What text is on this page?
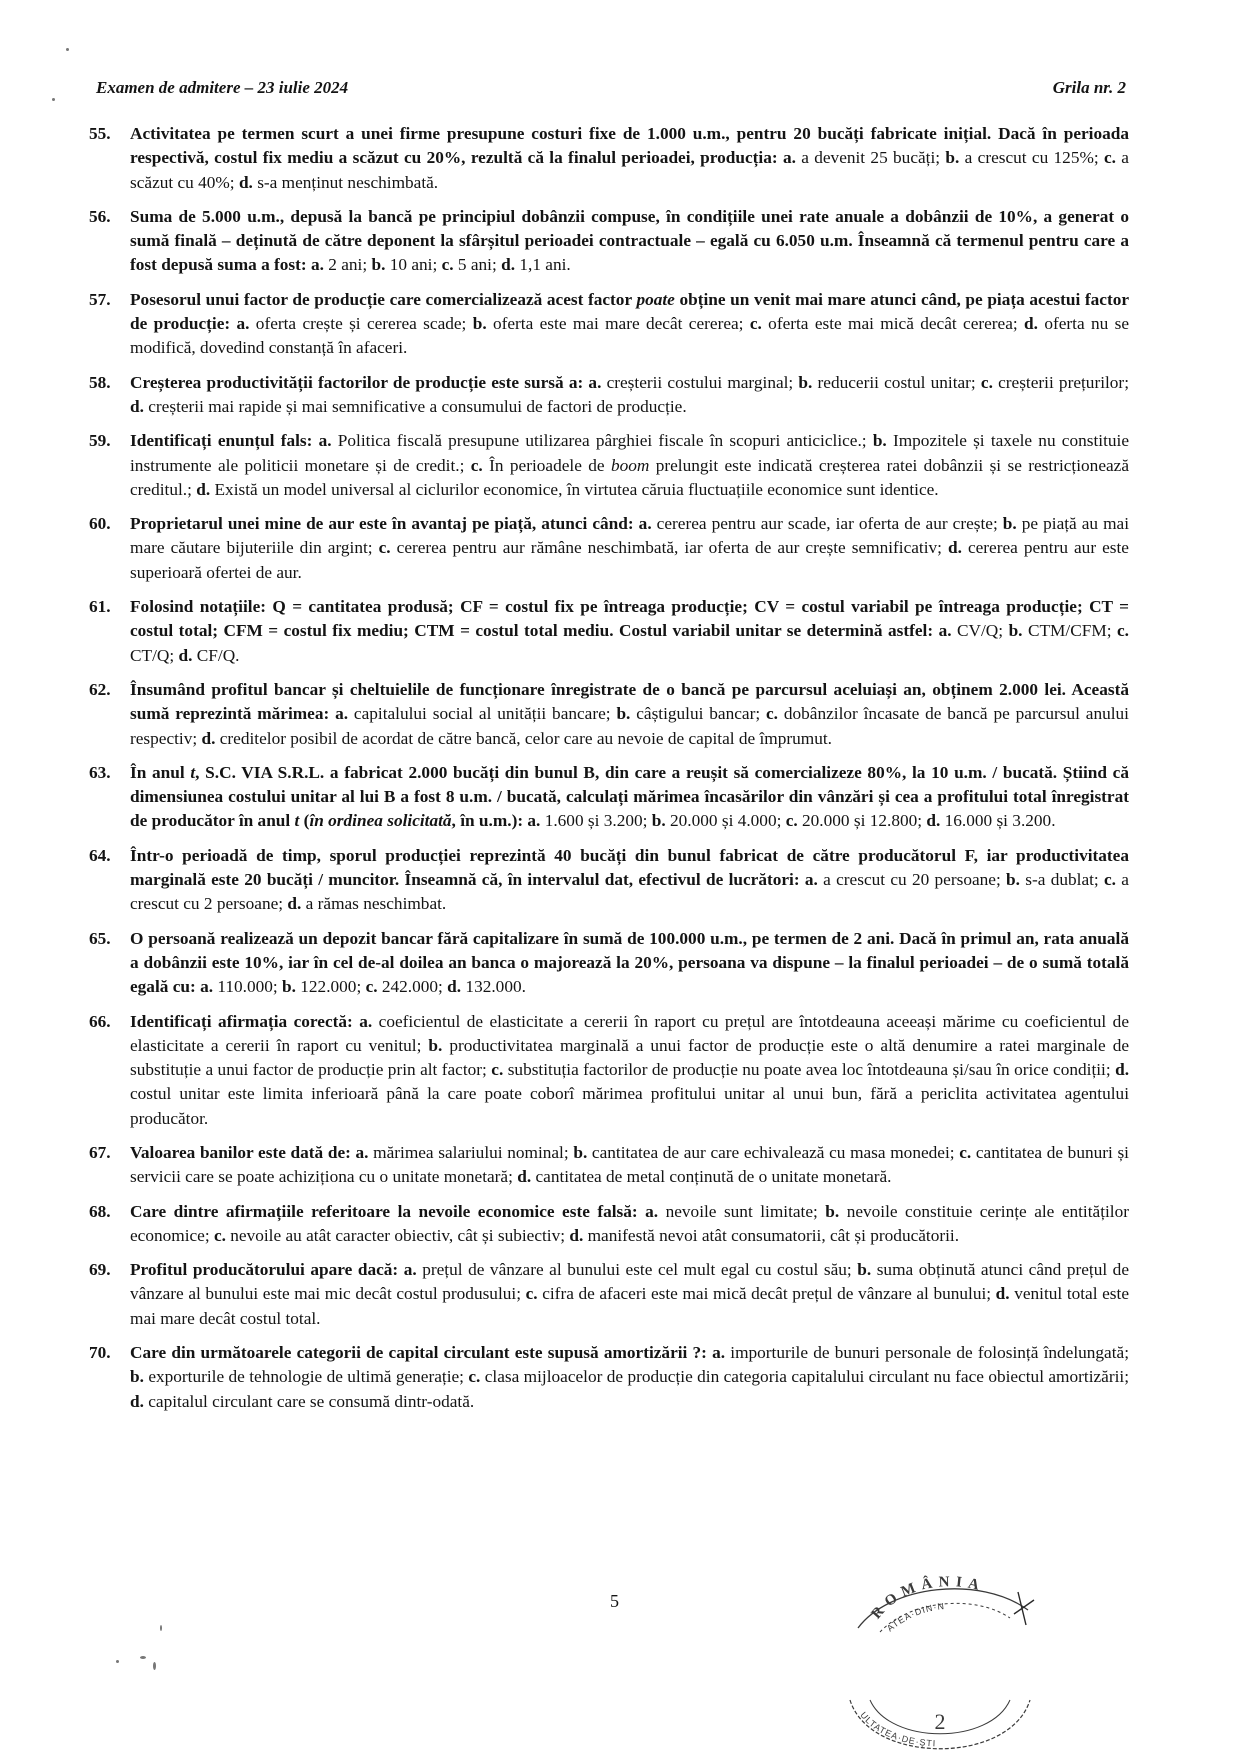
Examen de admitere – 23 iulie 2024	Grila nr. 2
55.	Activitatea pe termen scurt a unei firme presupune costuri fixe de 1.000 u.m., pentru 20 bucăți fabricate inițial. Dacă în perioada respectivă, costul fix mediu a scăzut cu 20%, rezultă că la finalul perioadei, producția: a. a devenit 25 bucăți; b. a crescut cu 125%; c. a scăzut cu 40%; d. s-a menținut neschimbată.
56.	Suma de 5.000 u.m., depusă la bancă pe principiul dobânzii compuse, în condițiile unei rate anuale a dobânzii de 10%, a generat o sumă finală – deținută de către deponent la sfârșitul perioadei contractuale – egală cu 6.050 u.m. Înseamnă că termenul pentru care a fost depusă suma a fost: a. 2 ani; b. 10 ani; c. 5 ani; d. 1,1 ani.
57.	Posesorul unui factor de producție care comercializează acest factor poate obține un venit mai mare atunci când, pe piața acestui factor de producție: a. oferta crește și cererea scade; b. oferta este mai mare decât cererea; c. oferta este mai mică decât cererea; d. oferta nu se modifică, dovedind constanță în afaceri.
58.	Creșterea productivității factorilor de producție este sursă a: a. creșterii costului marginal; b. reducerii costul unitar; c. creșterii prețurilor; d. creșterii mai rapide și mai semnificative a consumului de factori de producție.
59.	Identificați enunțul fals: a. Politica fiscală presupune utilizarea pârghiei fiscale în scopuri anticiclice.; b. Impozitele și taxele nu constituie instrumente ale politicii monetare și de credit.; c. În perioadele de boom prelungit este indicată creșterea ratei dobânzii și se restricționează creditul.; d. Există un model universal al ciclurilor economice, în virtutea căruia fluctuațiile economice sunt identice.
60.	Proprietarul unei mine de aur este în avantaj pe piață, atunci când: a. cererea pentru aur scade, iar oferta de aur crește; b. pe piață au mai mare căutare bijuteriile din argint; c. cererea pentru aur rămâne neschimbată, iar oferta de aur crește semnificativ; d. cererea pentru aur este superioară ofertei de aur.
61.	Folosind notațiile: Q = cantitatea produsă; CF = costul fix pe întreaga producție; CV = costul variabil pe întreaga producție; CT = costul total; CFM = costul fix mediu; CTM = costul total mediu. Costul variabil unitar se determină astfel: a. CV/Q; b. CTM/CFM; c. CT/Q; d. CF/Q.
62.	Însumând profitul bancar și cheltuielile de funcționare înregistrate de o bancă pe parcursul aceluiași an, obținem 2.000 lei. Această sumă reprezintă mărimea: a. capitalului social al unității bancare; b. câștigului bancar; c. dobânzilor încasate de bancă pe parcursul anului respectiv; d. creditelor posibil de acordat de către bancă, celor care au nevoie de capital de împrumut.
63.	În anul t, S.C. VIA S.R.L. a fabricat 2.000 bucăți din bunul B, din care a reușit să comercializeze 80%, la 10 u.m. / bucată. Știind că dimensiunea costului unitar al lui B a fost 8 u.m. / bucată, calculați mărimea încasărilor din vânzări și cea a profitului total înregistrat de producător în anul t (în ordinea solicitată, în u.m.): a. 1.600 și 3.200; b. 20.000 și 4.000; c. 20.000 și 12.800; d. 16.000 și 3.200.
64.	Într-o perioadă de timp, sporul producției reprezintă 40 bucăți din bunul fabricat de către producătorul F, iar productivitatea marginală este 20 bucăți / muncitor. Înseamnă că, în intervalul dat, efectivul de lucrători: a. a crescut cu 20 persoane; b. s-a dublat; c. a crescut cu 2 persoane; d. a rămas neschimbat.
65.	O persoană realizează un depozit bancar fără capitalizare în sumă de 100.000 u.m., pe termen de 2 ani. Dacă în primul an, rata anuală a dobânzii este 10%, iar în cel de-al doilea an banca o majorează la 20%, persoana va dispune – la finalul perioadei – de o sumă totală egală cu: a. 110.000; b. 122.000; c. 242.000; d. 132.000.
66.	Identificați afirmația corectă: a. coeficientul de elasticitate a cererii în raport cu prețul are întotdeauna aceeași mărime cu coeficientul de elasticitate a cererii în raport cu venitul; b. productivitatea marginală a unui factor de producție este o altă denumire a ratei marginale de substituție a unui factor de producție prin alt factor; c. substituția factorilor de producție nu poate avea loc întotdeauna și/sau în orice condiții; d. costul unitar este limita inferioară până la care poate coborî mărimea profitului unitar al unui bun, fără a periclita activitatea agentului producător.
67.	Valoarea banilor este dată de: a. mărimea salariului nominal; b. cantitatea de aur care echivalează cu masa monedei; c. cantitatea de bunuri și servicii care se poate achiziționa cu o unitate monetară; d. cantitatea de metal conținută de o unitate monetară.
68.	Care dintre afirmațiile referitoare la nevoile economice este falsă: a. nevoile sunt limitate; b. nevoile constituie cerințe ale entităților economice; c. nevoile au atât caracter obiectiv, cât și subiectiv; d. manifestă nevoi atât consumatorii, cât și producătorii.
69.	Profitul producătorului apare dacă: a. prețul de vânzare al bunului este cel mult egal cu costul său; b. suma obținută atunci când prețul de vânzare al bunului este mai mic decât costul produsului; c. cifra de afaceri este mai mică decât prețul de vânzare al bunului; d. venitul total este mai mare decât costul total.
70.	Care din următoarele categorii de capital circulant este supusă amortizării ?: a. importurile de bunuri personale de folosință îndelungată; b. exporturile de tehnologie de ultimă generație; c. clasa mijloacelor de producție din categoria capitalului circulant nu face obiectul amortizării; d. capitalul circulant care se consumă dintr-odată.
5	ROMÂNIA
ATEA·DIN·N
2
ULTATEA·DE·ȘTI
